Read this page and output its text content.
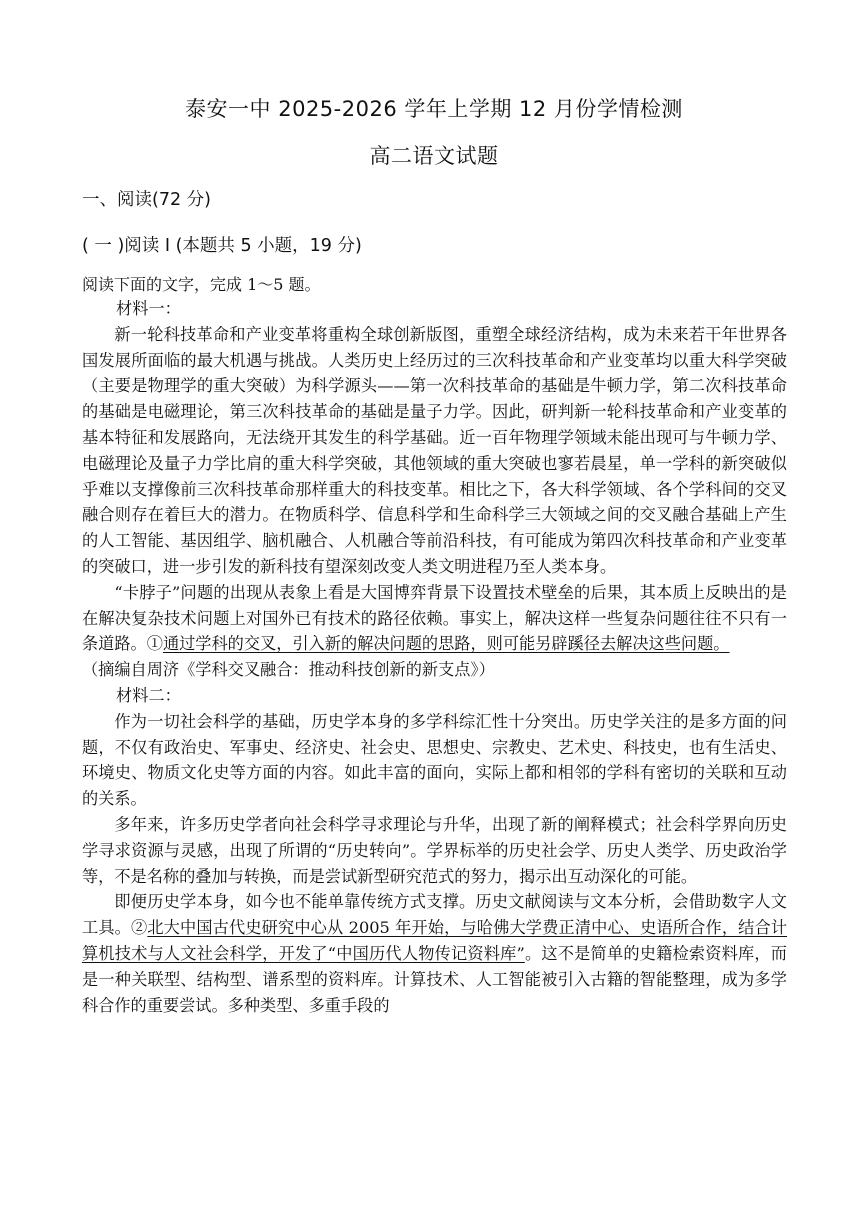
泰安一中 2025-2026 学年上学期 12 月份学情检测
高二语文试题
一、阅读(72 分)
( 一 )阅读 I (本题共 5 小题，19 分)
阅读下面的文字，完成 1～5 题。

材料一：

新一轮科技革命和产业变革将重构全球创新版图，重塑全球经济结构，成为未来若干年世界各国发展所面临的最大机遇与挑战。人类历史上经历过的三次科技革命和产业变革均以重大科学突破（主要是物理学的重大突破）为科学源头——第一次科技革命的基础是牛顿力学，第二次科技革命的基础是电磁理论，第三次科技革命的基础是量子力学。因此，研判新一轮科技革命和产业变革的基本特征和发展路向，无法绕开其发生的科学基础。近一百年物理学领域未能出现可与牛顿力学、电磁理论及量子力学比肩的重大科学突破，其他领域的重大突破也寥若晨星，单一学科的新突破似乎难以支撑像前三次科技革命那样重大的科技变革。相比之下，各大科学领域、各个学科间的交叉融合则存在着巨大的潜力。在物质科学、信息科学和生命科学三大领域之间的交叉融合基础上产生的人工智能、基因组学、脑机融合、人机融合等前沿科技，有可能成为第四次科技革命和产业变革的突破口，进一步引发的新科技有望深刻改变人类文明进程乃至人类本身。

“卡脖子”问题的出现从表象上看是大国博弈背景下设置技术壁垒的后果，其本质上反映出的是在解决复杂技术问题上对国外已有技术的路径依赖。事实上，解决这样一些复杂问题往往不只有一条道路。①通过学科的交叉，引入新的解决问题的思路，则可能另辟蹊径去解决这些问题。

（摘编自周济《学科交叉融合：推动科技创新的新支点》）

材料二：

作为一切社会科学的基础，历史学本身的多学科综汇性十分突出。历史学关注的是多方面的问题，不仅有政治史、军事史、经济史、社会史、思想史、宗教史、艺术史、科技史，也有生活史、环境史、物质文化史等方面的内容。如此丰富的面向，实际上都和相邻的学科有密切的关联和互动的关系。

多年来，许多历史学者向社会科学寻求理论与升华，出现了新的阐释模式；社会科学界向历史学寻求资源与灵感，出现了所谓的“历史转向”。学界标举的历史社会学、历史人类学、历史政治学等，不是名称的叠加与转换，而是尝试新型研究范式的努力，揭示出互动深化的可能。

即便历史学本身，如今也不能单靠传统方式支撑。历史文献阅读与文本分析，会借助数字人文工具。②北大中国古代史研究中心从 2005 年开始，与哈佛大学费正清中心、史语所合作，结合计算机技术与人文社会科学，开发了“中国历代人物传记资料库”。这不是简单的史籍检索资料库，而是一种关联型、结构型、谱系型的资料库。计算技术、人工智能被引入古籍的智能整理，成为多学科合作的重要尝试。多种类型、多重手段的
